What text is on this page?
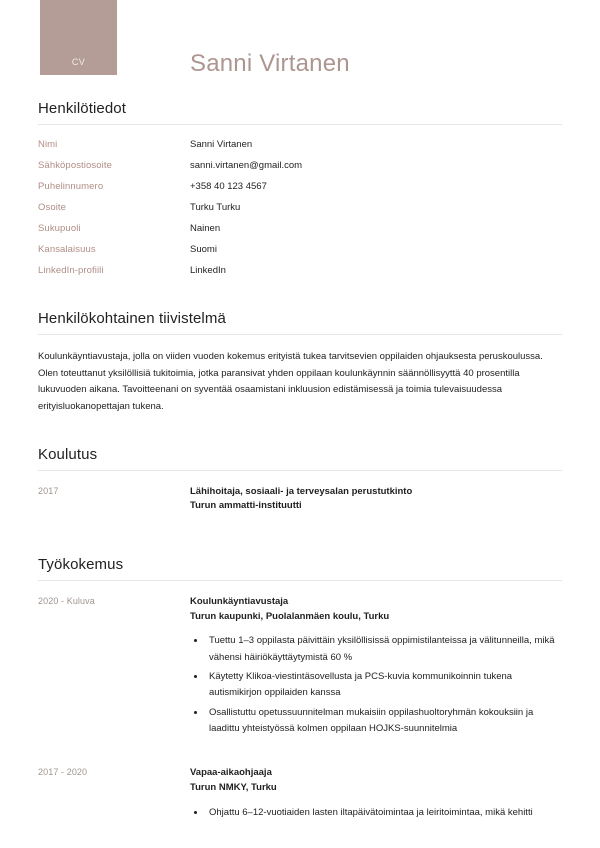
CV	Sanni Virtanen
Henkilötiedot
Nimi	Sanni Virtanen
Sähköpostiosoite	sanni.virtanen@gmail.com
Puhelinnumero	+358 40 123 4567
Osoite	Turku Turku
Sukupuoli	Nainen
Kansalaisuus	Suomi
LinkedIn-profiili	LinkedIn
Henkilökohtainen tiivistelmä

Koulunkäyntiavustaja, jolla on viiden vuoden kokemus erityistä tukea tarvitsevien oppilaiden ohjauksesta peruskoulussa. Olen toteuttanut yksilöllisiä tukitoimia, jotka paransivat yhden oppilaan koulunkäynnin säännöllisyyttä 40 prosentilla lukuvuoden aikana. Tavoitteenani on syventää osaamistani inkluusion edistämisessä ja toimia tulevaisuudessa erityisluokanopettajan tukena.

Koulutus
2017	Lähihoitaja, sosiaali- ja terveysalan perustutkinto
Turun ammatti-instituutti
Työkokemus
2020 - Kuluva	Koulunkäyntiavustaja
Turun kaupunki, Puolalanmäen koulu, Turku
• Tuettu 1–3 oppilasta päivittäin yksilöllisissä oppimistilanteissa ja välitunneilla, mikä vähensi häiriökäyttäytymistä 60 %
• Käytetty Klikoa-viestintäsovellusta ja PCS-kuvia kommunikoinnin tukena autismikirjon oppilaiden kanssa
• Osallistuttu opetussuunnitelman mukaisiin oppilashuoltoryhmän kokouksiin ja laadittu yhteistyössä kolmen oppilaan HOJKS-suunnitelmia
2017 - 2020	Vapaa-aikaohjaaja
Turun NMKY, Turku
• Ohjattu 6–12-vuotiaiden lasten iltapäivätoimintaa ja leiritoimintaa, mikä kehitti
